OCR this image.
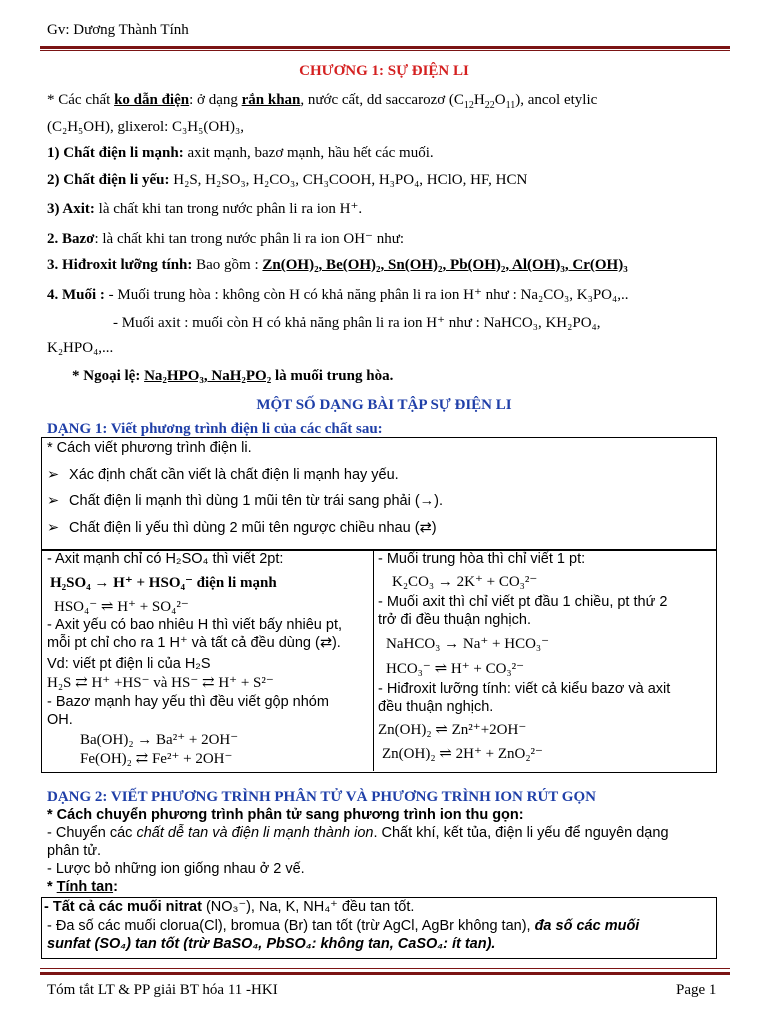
Gv: Dương Thành Tính
CHƯƠNG 1: SỰ ĐIỆN LI
* Các chất ko dẫn điện: ở dạng rắn khan, nước cất, dd saccarozơ $(C_{12}H_{22}O_{11})$, ancol etylic
(C₂H₅OH), glixerol: C₃H₅(OH)₃,
1) Chất điện li mạnh: axit mạnh, bazơ mạnh, hầu hết các muối.
2) Chất điện li yếu: H₂S, H₂SO₃, H₂CO₃, CH₃COOH, H₃PO₄, HClO, HF, HCN
3) Axit: là chất khi tan trong nước phân li ra ion H⁺.
2. Bazơ: là chất khi tan trong nước phân li ra ion OH⁻ như:
3. Hiđroxit lưỡng tính: Bao gồm : Zn(OH)₂, Be(OH)₂, Sn(OH)₂, Pb(OH)₂, Al(OH)₃, Cr(OH)₃
4. Muối : - Muối trung hòa : không còn H có khả năng phân li ra ion H⁺ như : Na₂CO₃, K₃PO₄,..
- Muối axit : muối còn H có khả năng phân li ra ion H⁺ như : NaHCO₃, KH₂PO₄,
K₂HPO₄,...
* Ngoại lệ: Na₂HPO₃, NaH₂PO₂ là muối trung hòa.
MỘT SỐ DẠNG BÀI TẬP SỰ ĐIỆN LI
DẠNG 1: Viết phương trình điện li của các chất sau:
* Cách viết phương trình điện li.
➢ Xác định chất cần viết là chất điện li mạnh hay yếu.
➢ Chất điện li mạnh thì dùng 1 mũi tên từ trái sang phải (→).
➢ Chất điện li yếu thì dùng 2 mũi tên ngược chiều nhau (⇄)
- Axit mạnh chỉ có H₂SO₄ thì viết 2pt:
H₂SO₄ → H⁺ + HSO₄⁻ điện li mạnh
HSO₄⁻ ⇌ H⁺ + SO₄²⁻
- Axit yếu có bao nhiêu H thì viết bấy nhiêu pt,
mỗi pt chỉ cho ra 1 H⁺ và tất cả đều dùng (⇄).
Vd: viết pt điện li của H₂S
H₂S ⇄ H⁺ +HS⁻ và HS⁻ ⇄ H⁺ + S²⁻
- Bazơ mạnh hay yếu thì đều viết gộp nhóm
OH.
Ba(OH)₂ → Ba²⁺ + 2OH⁻
Fe(OH)₂ ⇄ Fe²⁺ + 2OH⁻
- Muối trung hòa thì chỉ viết 1 pt:
K₂CO₃ → 2K⁺ + CO₃²⁻
- Muối axit thì chỉ viết pt đầu 1 chiều, pt thứ 2
trở đi đều thuận nghịch.
NaHCO₃ → Na⁺ + HCO₃⁻
HCO₃⁻ ⇌ H⁺ + CO₃²⁻
- Hiđroxit lưỡng tính: viết cả kiểu bazơ và axit
đều thuận nghịch.
Zn(OH)₂ ⇌ Zn²⁺+2OH⁻
Zn(OH)₂ ⇌ 2H⁺ + ZnO₂²⁻
DẠNG 2: VIẾT PHƯƠNG TRÌNH PHÂN TỬ VÀ PHƯƠNG TRÌNH ION RÚT GỌN
* Cách chuyển phương trình phân tử sang phương trình ion thu gọn:
- Chuyển các chất dễ tan và điện li mạnh thành ion. Chất khí, kết tủa, điện li yếu để nguyên dạng
phân tử.
- Lược bỏ những ion giống nhau ở 2 vế.
* Tính tan:
- Tất cả các muối nitrat (NO₃⁻), Na, K, NH₄⁺ đều tan tốt.
- Đa số các muối clorua(Cl), bromua (Br) tan tốt (trừ AgCl, AgBr không tan), đa số các muối
sunfat (SO₄) tan tốt (trừ BaSO₄, PbSO₄: không tan, CaSO₄: ít tan).
Tóm tắt LT & PP giải BT hóa 11 -HKI	Page 1
